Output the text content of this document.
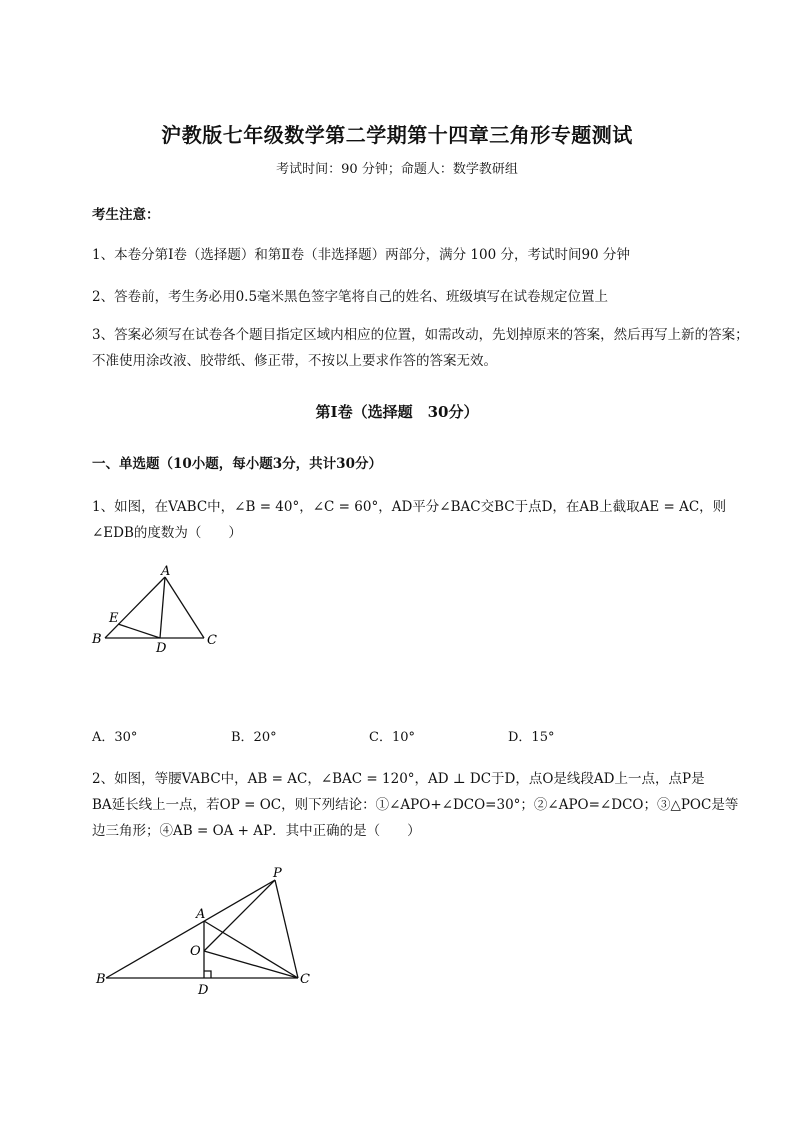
沪教版七年级数学第二学期第十四章三角形专题测试
考试时间：90 分钟；命题人：数学教研组
考生注意：
1、本卷分第Ⅰ卷（选择题）和第Ⅱ卷（非选择题）两部分，满分 100 分，考试时间90 分钟
2、答卷前，考生务必用0.5毫米黑色签字笔将自己的姓名、班级填写在试卷规定位置上
3、答案必须写在试卷各个题目指定区域内相应的位置，如需改动，先划掉原来的答案，然后再写上新的答案；不准使用涂改液、胶带纸、修正带，不按以上要求作答的答案无效。
第Ⅰ卷（选择题　30分）
一、单选题（10小题，每小题3分，共计30分）
1、如图，在VABC中，∠B = 40°，∠C = 60°，AD平分∠BAC交BC于点D，在AB上截取AE = AC，则
∠EDB的度数为（　　）
A
E
B
D
C
A．30°	B．20°	C．10°	D．15°
2、如图，等腰VABC中，AB = AC，∠BAC = 120°，AD ⊥ DC于D，点O是线段AD上一点，点P是
BA延长线上一点，若OP = OC，则下列结论：①∠APO+∠DCO=30°；②∠APO=∠DCO；③△POC是等
边三角形；④AB = OA + AP．其中正确的是（　　）
P
A
O
B
D
C
